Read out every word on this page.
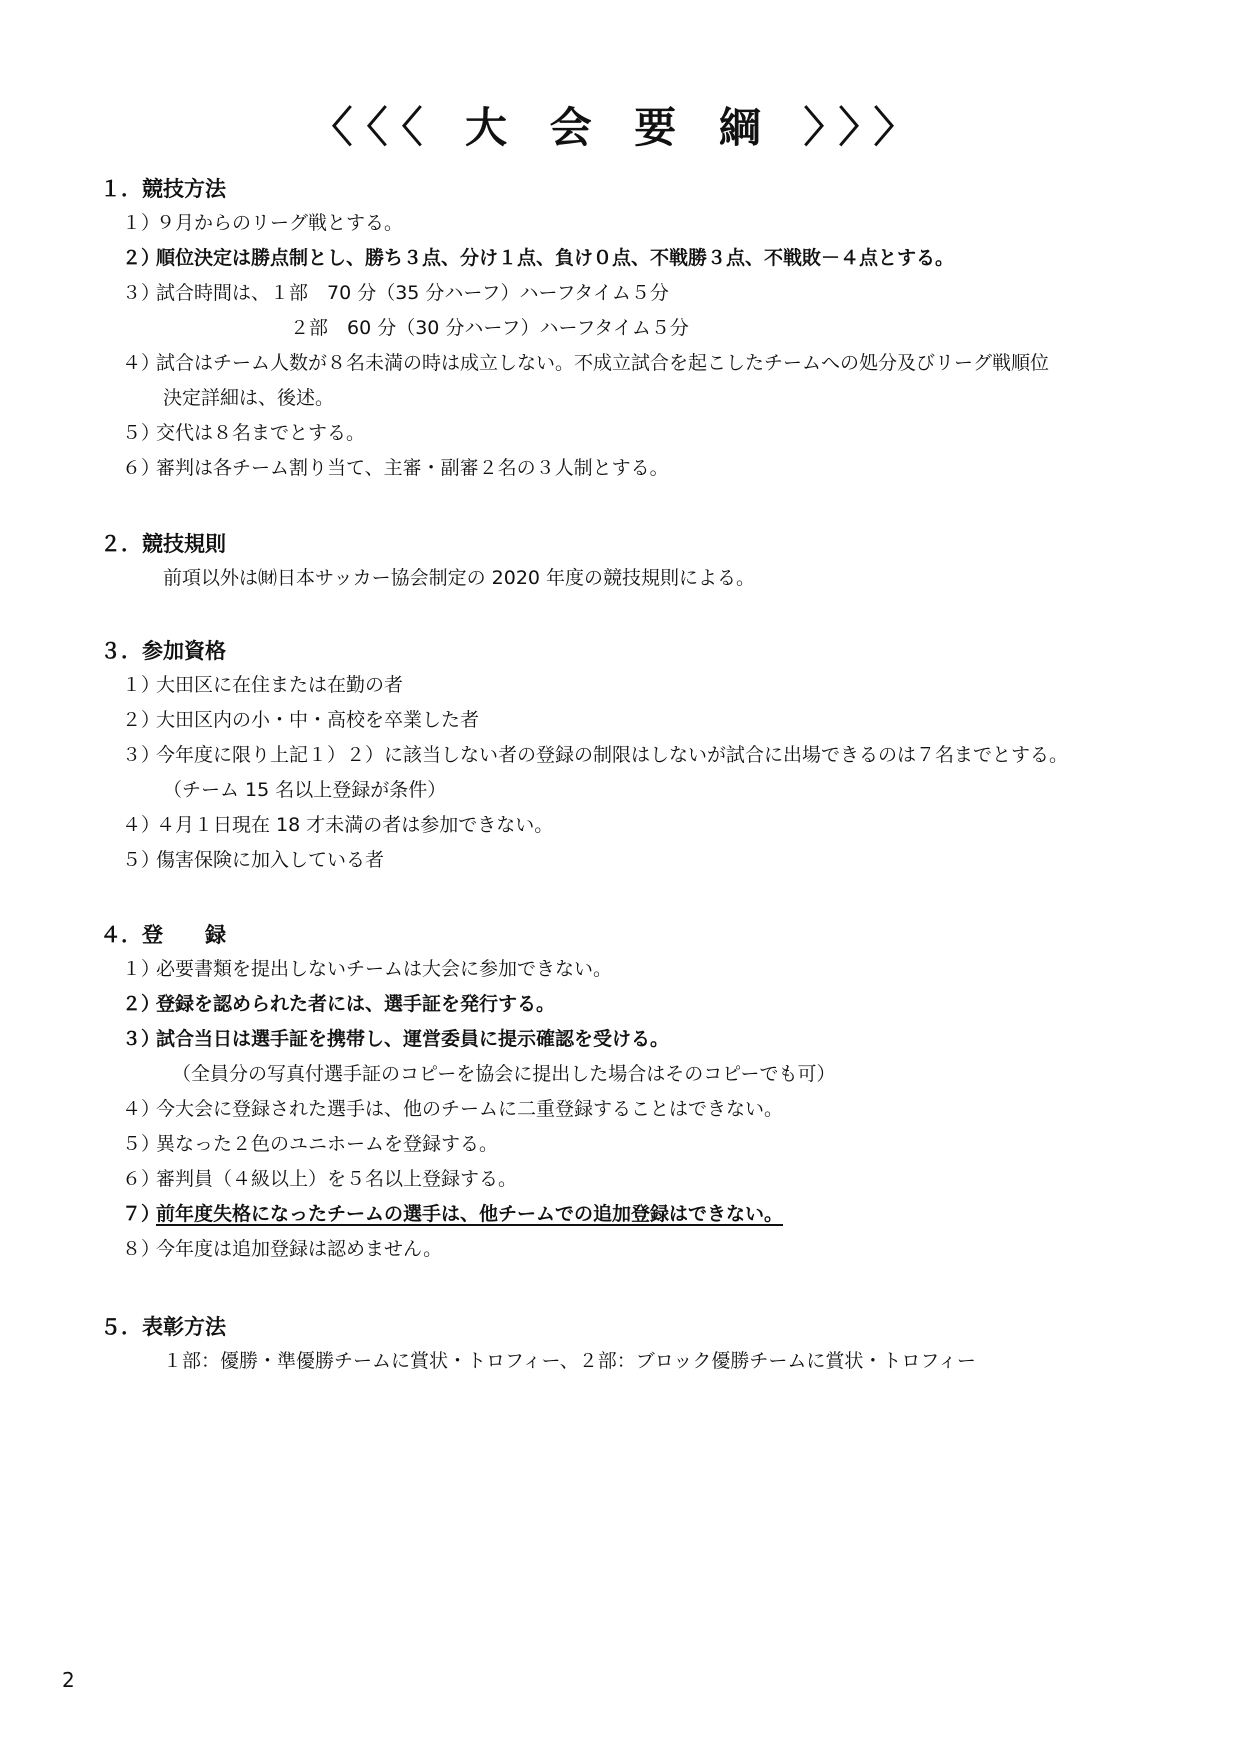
〈〈〈 大 会 要 綱 〉〉〉
１．競技方法
１）９月からのリーグ戦とする。
２）順位決定は勝点制とし、勝ち３点、分け１点、負け０点、不戦勝３点、不戦敗－４点とする。
３）試合時間は、１部　70 分（35 分ハーフ）ハーフタイム５分
２部　60 分（30 分ハーフ）ハーフタイム５分
４）試合はチーム人数が８名未満の時は成立しない。不成立試合を起こしたチームへの処分及びリーグ戦順位
決定詳細は、後述。
５）交代は８名までとする。
６）審判は各チーム割り当て、主審・副審２名の３人制とする。
２．競技規則
前項以外は㈶日本サッカー協会制定の 2020 年度の競技規則による。
３．参加資格
１）大田区に在住または在勤の者
２）大田区内の小・中・高校を卒業した者
３）今年度に限り上記１）２）に該当しない者の登録の制限はしないが試合に出場できるのは７名までとする。
（チーム 15 名以上登録が条件）
４）４月１日現在 18 才未満の者は参加できない。
５）傷害保険に加入している者
４．登　　録
１）必要書類を提出しないチームは大会に参加できない。
２）登録を認められた者には、選手証を発行する。
３）試合当日は選手証を携帯し、運営委員に提示確認を受ける。
（全員分の写真付選手証のコピーを協会に提出した場合はそのコピーでも可）
４）今大会に登録された選手は、他のチームに二重登録することはできない。
５）異なった２色のユニホームを登録する。
６）審判員（４級以上）を５名以上登録する。
７）前年度失格になったチームの選手は、他チームでの追加登録はできない。
８）今年度は追加登録は認めません。
５．表彰方法
１部：優勝・準優勝チームに賞状・トロフィー、２部：ブロック優勝チームに賞状・トロフィー
2
